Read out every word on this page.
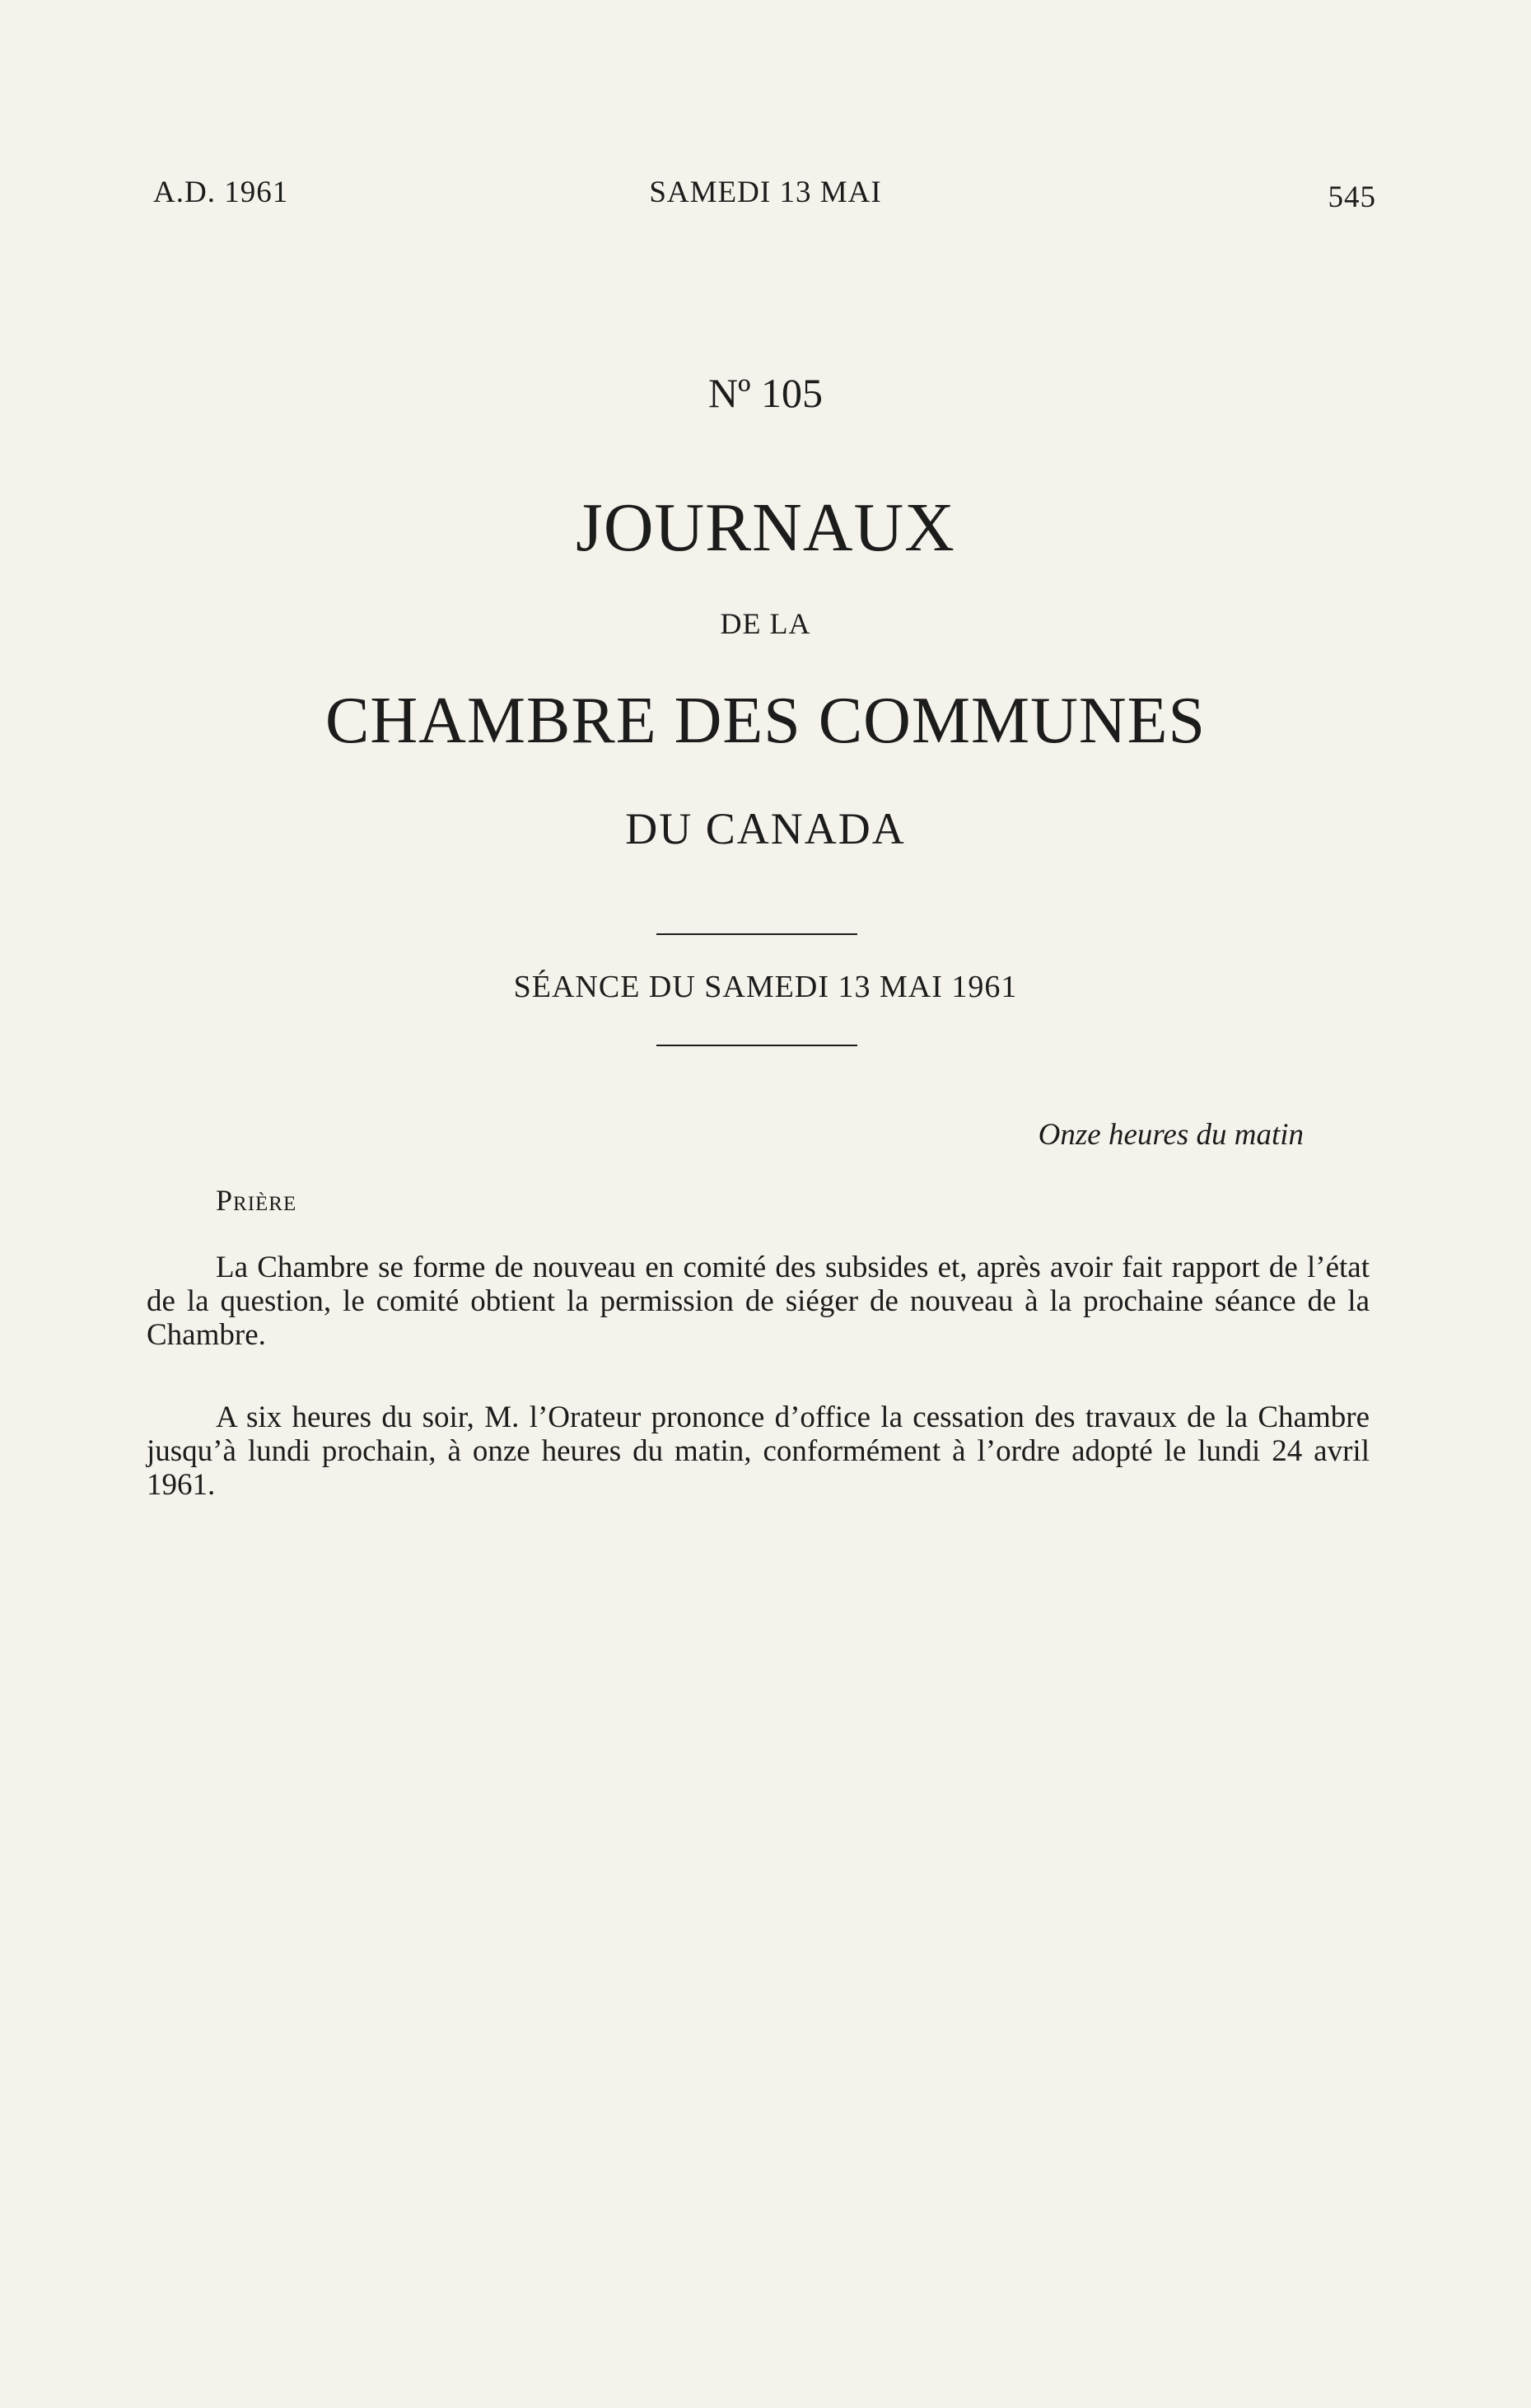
A.D. 1961	SAMEDI 13 MAI	545
Nº 105
JOURNAUX
DE LA
CHAMBRE DES COMMUNES
DU CANADA
SÉANCE DU SAMEDI 13 MAI 1961
Onze heures du matin
Prière

La Chambre se forme de nouveau en comité des subsides et, après avoir fait rapport de l’état de la question, le comité obtient la permission de siéger de nouveau à la prochaine séance de la Chambre.

A six heures du soir, M. l’Orateur prononce d’office la cessation des travaux de la Chambre jusqu’à lundi prochain, à onze heures du matin, conformément à l’ordre adopté le lundi 24 avril 1961.
